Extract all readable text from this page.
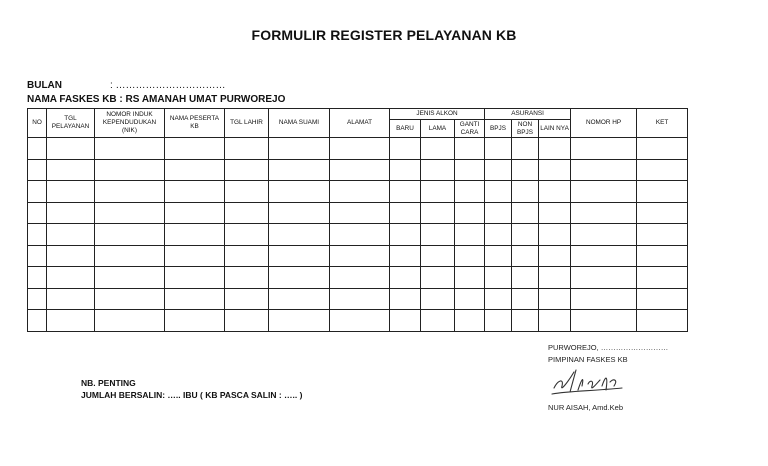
FORMULIR REGISTER PELAYANAN KB
BULAN	: ……………………………
NAMA FASKES KB : RS AMANAH UMAT PURWOREJO
NO	TGL PELAYANAN	NOMOR INDUK KEPENDUDUKAN (NIK)	NAMA PESERTA KB	TGL LAHIR	NAMA SUAMI	ALAMAT	JENIS ALKON			ASURANSI			NOMOR HP	KET
							BARU	LAMA	GANTI CARA	BPJS	NON BPJS	LAIN NYA		

NB. PENTING
JUMLAH BERSALIN: ….. IBU ( KB PASCA SALIN : ….. )
PURWOREJO, ………………………
PIMPINAN FASKES KB
NUR AISAH, Amd.Keb
